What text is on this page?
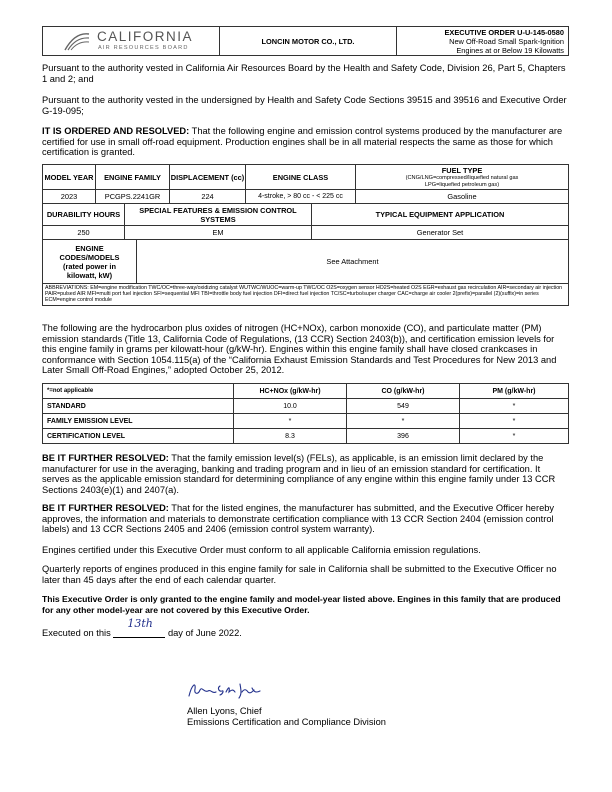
CALIFORNIA
AIR RESOURCES BOARD
	LONCIN MOTOR CO., LTD.	
EXECUTIVE ORDER U-U-145-0580
New Off-Road Small Spark-Ignition
Engines at or Below 19 Kilowatts

Pursuant to the authority vested in California Air Resources Board by the Health and Safety Code, Division 26, Part 5, Chapters 1 and 2; and

Pursuant to the authority vested in the undersigned by Health and Safety Code Sections 39515 and 39516 and Executive Order G-19-095;

IT IS ORDERED AND RESOLVED: That the following engine and emission control systems produced by the manufacturer are certified for use in small off-road equipment. Production engines shall be in all material respects the same as those for which certification is granted.

MODEL YEAR	ENGINE FAMILY	DISPLACEMENT (cc)	ENGINE CLASS	FUEL TYPE
(CNG/LNG=compressed/liquefied natural gas
LPG=liquefied petroleum gas)

2023	PCGPS.2241GR	224	4-stroke, > 80 cc - < 225 cc	Gasoline
DURABILITY HOURS	SPECIAL FEATURES & EMISSION CONTROL SYSTEMS	TYPICAL EQUIPMENT APPLICATION
250	EM	Generator Set
ENGINE CODES/MODELS (rated power in kilowatt, kW)	See Attachment
ABBREVIATIONS: EM=engine modification TWC/OC=three-way/oxidizing catalyst WUTWC/WUOC=warm-up TWC/OC O2S=oxygen sensor HO2S=heated O2S EGR=exhaust gas recirculation AIR=secondary air injection PAIR=pulsed AIR MFI=multi port fuel injection SFI=sequential MFI TBI=throttle body fuel injection DFI=direct fuel injection TC/SC=turbo/super charger CAC=charge air cooler 2(prefix)=parallel (2)(suffix)=in series ECM=engine control module

The following are the hydrocarbon plus oxides of nitrogen (HC+NOx), carbon monoxide (CO), and particulate matter (PM) emission standards (Title 13, California Code of Regulations, (13 CCR) Section 2403(b)), and certification emission levels for this engine family in grams per kilowatt-hour (g/kW-hr). Engines within this engine family shall have closed crankcases in conformance with Section 1054.115(a) of the “California Exhaust Emission Standards and Test Procedures for New 2013 and Later Small Off-Road Engines,” adopted October 25, 2012.

*=not applicable	HC+NOx (g/kW-hr)	CO (g/kW-hr)	PM (g/kW-hr)
STANDARD	10.0	549	*
FAMILY EMISSION LEVEL	*	*	*
CERTIFICATION LEVEL	8.3	396	*

BE IT FURTHER RESOLVED: That the family emission level(s) (FELs), as applicable, is an emission limit declared by the manufacturer for use in the averaging, banking and trading program and in lieu of an emission standard for certification. It serves as the applicable emission standard for determining compliance of any engine within this engine family under 13 CCR Sections 2403(e)(1) and 2407(a).

BE IT FURTHER RESOLVED: That for the listed engines, the manufacturer has submitted, and the Executive Officer hereby approves, the information and materials to demonstrate certification compliance with 13 CCR Section 2404 (emission control labels) and 13 CCR Sections 2405 and 2406 (emission control system warranty).

Engines certified under this Executive Order must conform to all applicable California emission regulations.

Quarterly reports of engines produced in this engine family for sale in California shall be submitted to the Executive Officer no later than 45 days after the end of each calendar quarter.

This Executive Order is only granted to the engine family and model-year listed above. Engines in this family that are produced for any other model-year are not covered by this Executive Order.

Executed on this
13th
day of June 2022.
Allen Lyons, Chief
Emissions Certification and Compliance Division
